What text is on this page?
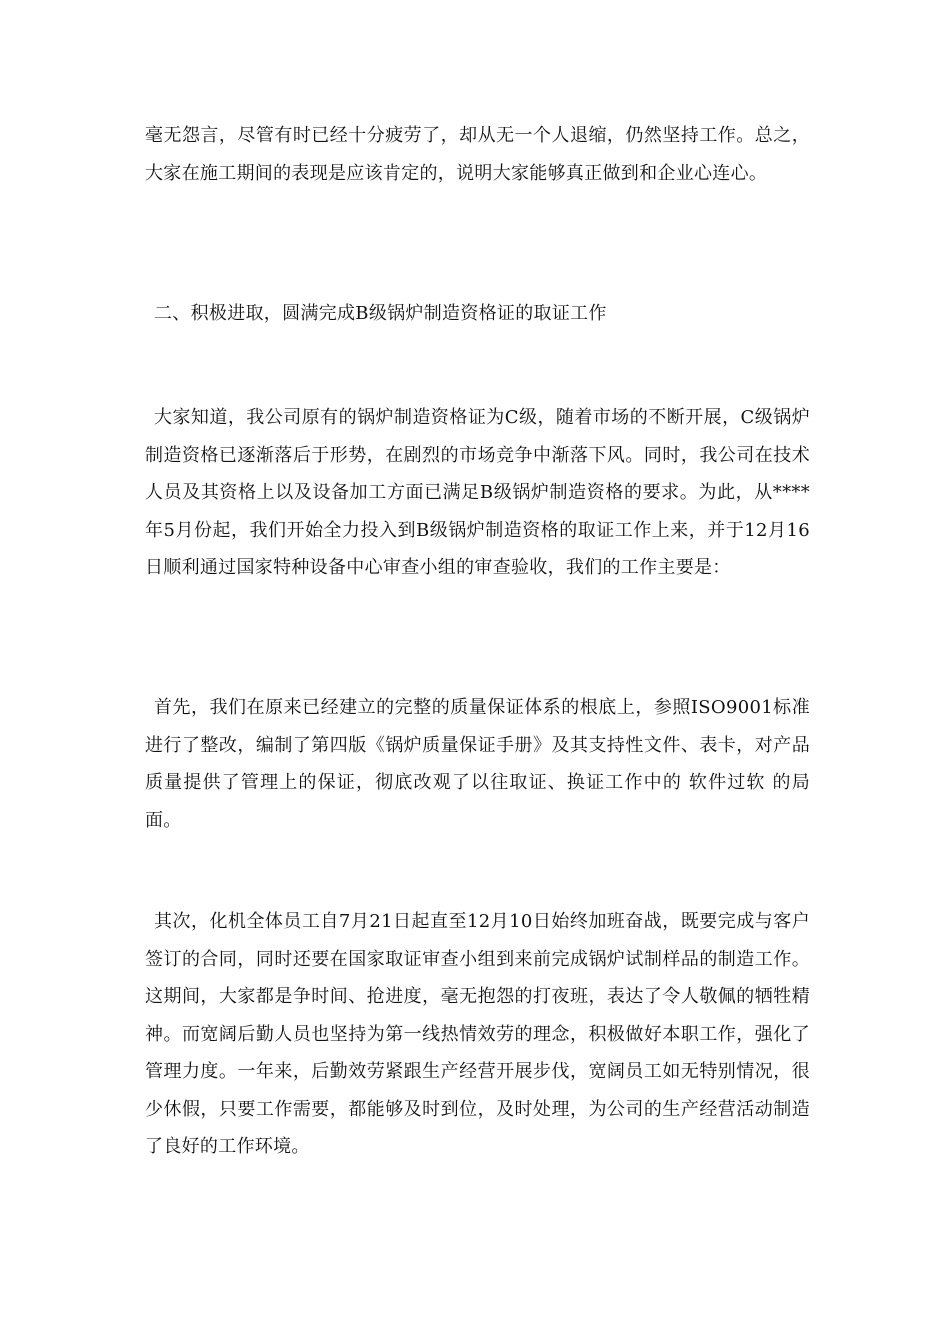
毫无怨言，尽管有时已经十分疲劳了，却从无一个人退缩，仍然坚持工作。总之，大家在施工期间的表现是应该肯定的，说明大家能够真正做到和企业心连心。

二、积极进取，圆满完成B级锅炉制造资格证的取证工作

大家知道，我公司原有的锅炉制造资格证为C级，随着市场的不断开展，C级锅炉制造资格已逐渐落后于形势，在剧烈的市场竞争中渐落下风。同时，我公司在技术人员及其资格上以及设备加工方面已满足B级锅炉制造资格的要求。为此，从****年5月份起，我们开始全力投入到B级锅炉制造资格的取证工作上来，并于12月16日顺利通过国家特种设备中心审查小组的审查验收，我们的工作主要是：

首先，我们在原来已经建立的完整的质量保证体系的根底上，参照ISO9001标准进行了整改，编制了第四版《锅炉质量保证手册》及其支持性文件、表卡，对产品质量提供了管理上的保证，彻底改观了以往取证、换证工作中的 软件过软 的局面。

其次，化机全体员工自7月21日起直至12月10日始终加班奋战，既要完成与客户签订的合同，同时还要在国家取证审查小组到来前完成锅炉试制样品的制造工作。这期间，大家都是争时间、抢进度，毫无抱怨的打夜班，表达了令人敬佩的牺牲精神。而宽阔后勤人员也坚持为第一线热情效劳的理念，积极做好本职工作，强化了管理力度。一年来，后勤效劳紧跟生产经营开展步伐，宽阔员工如无特别情况，很少休假，只要工作需要，都能够及时到位，及时处理，为公司的生产经营活动制造了良好的工作环境。
